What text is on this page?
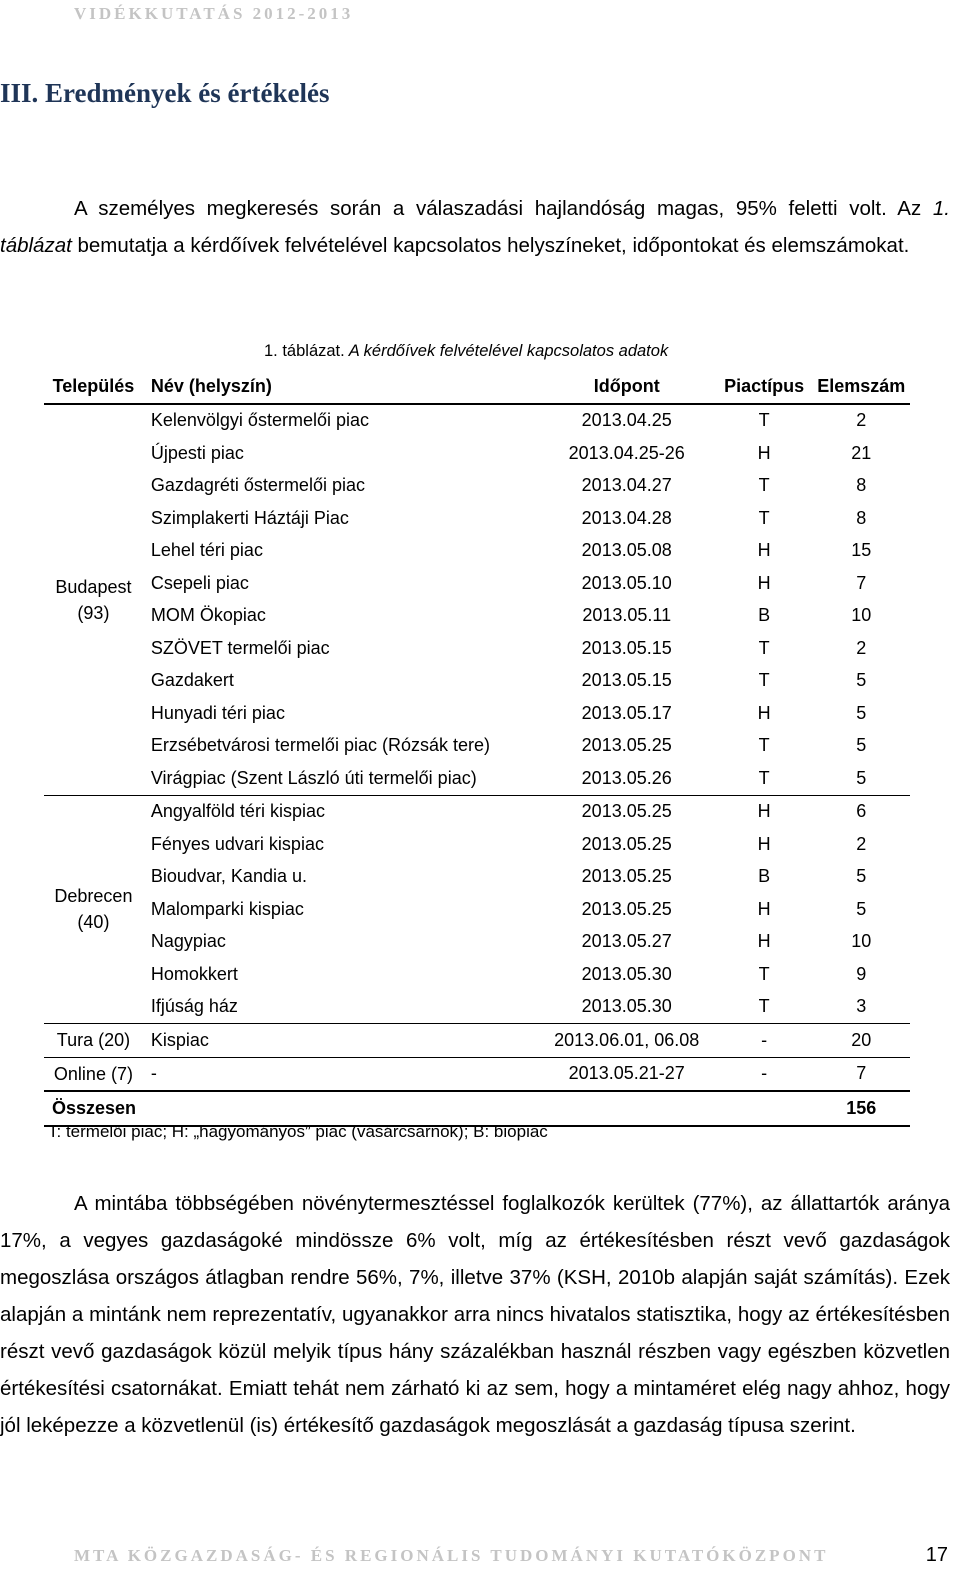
VIDÉKKUTATÁS 2012-2013
III. Eredmények és értékelés

A személyes megkeresés során a válaszadási hajlandóság magas, 95% feletti volt. Az 1. táblázat bemutatja a kérdőívek felvételével kapcsolatos helyszíneket, időpontokat és elemszámokat.

1. táblázat. A kérdőívek felvételével kapcsolatos adatok
Település	Név (helyszín)	Időpont	Piactípus	Elemszám

Budapest
(93)	Kelenvölgyi őstermelői piac	2013.04.25	T	2
	Újpesti piac	2013.04.25-26	H	21
	Gazdagréti őstermelői piac	2013.04.27	T	8
	Szimplakerti Háztáji Piac	2013.04.28	T	8
	Lehel téri piac	2013.05.08	H	15
	Csepeli piac	2013.05.10	H	7
	MOM Ökopiac	2013.05.11	B	10
	SZÖVET termelői piac	2013.05.15	T	2
	Gazdakert	2013.05.15	T	5
	Hunyadi téri piac	2013.05.17	H	5
	Erzsébetvárosi termelői piac (Rózsák tere)	2013.05.25	T	5
	Virágpiac (Szent László úti termelői piac)	2013.05.26	T	5

Debrecen
(40)	Angyalföld téri kispiac	2013.05.25	H	6
	Fényes udvari kispiac	2013.05.25	H	2
	Bioudvar, Kandia u.	2013.05.25	B	5
	Malomparki kispiac	2013.05.25	H	5
	Nagypiac	2013.05.27	H	10
	Homokkert	2013.05.30	T	9
	Ifjúság ház	2013.05.30	T	3

Tura (20)	Kispiac	2013.06.01, 06.08	-	20

Online (7)	-	2013.05.21-27	-	7
Összesen				156
T: termelői piac; H: „hagyományos” piac (vásárcsarnok); B: biopiac

A mintába többségében növénytermesztéssel foglalkozók kerültek (77%), az állattartók aránya 17%, a vegyes gazdaságoké mindössze 6% volt, míg az értékesítésben részt vevő gazdaságok megoszlása országos átlagban rendre 56%, 7%, illetve 37% (KSH, 2010b alapján saját számítás). Ezek alapján a mintánk nem reprezentatív, ugyanakkor arra nincs hivatalos statisztika, hogy az értékesítésben részt vevő gazdaságok közül melyik típus hány százalékban használ részben vagy egészben közvetlen értékesítési csatornákat. Emiatt tehát nem zárható ki az sem, hogy a mintaméret elég nagy ahhoz, hogy jól leképezze a közvetlenül (is) értékesítő gazdaságok megoszlását a gazdaság típusa szerint.

MTA KÖZGAZDASÁG- ÉS REGIONÁLIS TUDOMÁNYI KUTATÓKÖZPONT	17
